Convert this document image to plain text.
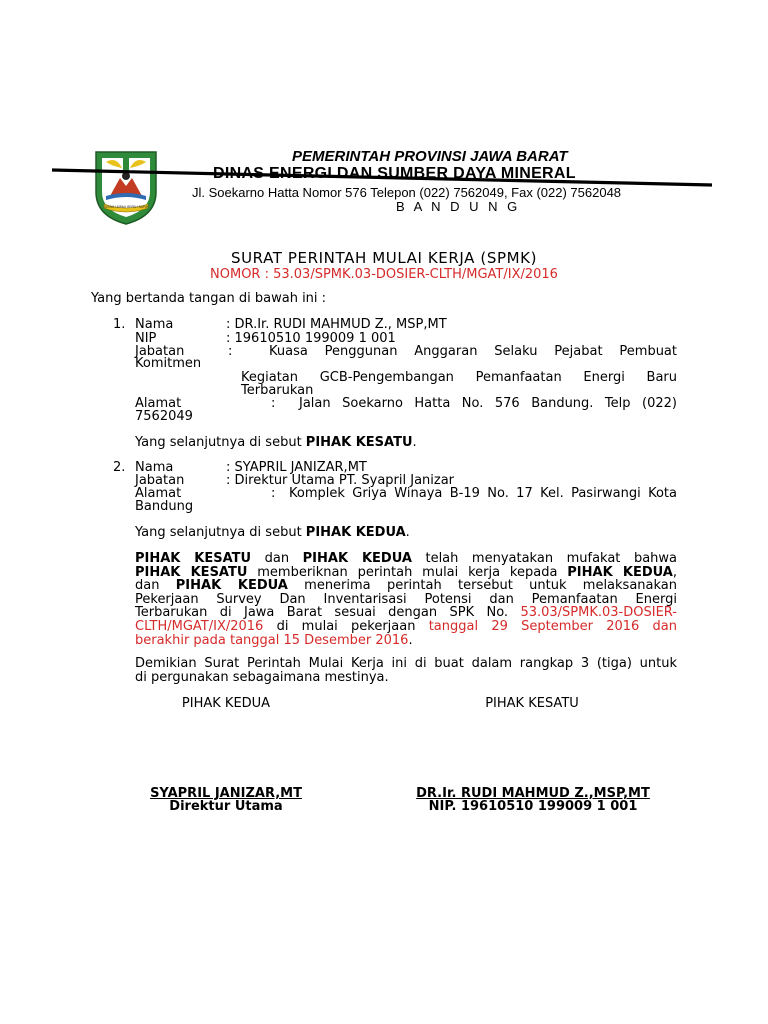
GEMAH RIPAH REPEH RAPIH
PEMERINTAH PROVINSI JAWA BARAT
DINAS ENERGI DAN SUMBER DAYA MINERAL
Jl. Soekarno Hatta Nomor 576 Telepon (022) 7562049, Fax (022) 7562048
B A N D U N G
SURAT PERINTAH MULAI KERJA (SPMK)
NOMOR : 53.03/SPMK.03-DOSIER-CLTH/MGAT/IX/2016
Yang bertanda tangan di bawah ini :
1. Nama	: DR.Ir. RUDI MAHMUD Z., MSP,MT
NIP	: 19610510 199009 1 001
Jabatan	:	Kuasa Penggunan Anggaran Selaku Pejabat Pembuat
Komitmen
Kegiatan GCB-Pengembangan Pemanfaatan Energi Baru
Terbarukan
Alamat	: Jalan Soekarno Hatta No. 576 Bandung. Telp (022)
7562049
Yang selanjutnya di sebut PIHAK KESATU.
2. Nama	: SYAPRIL JANIZAR,MT
Jabatan	: Direktur Utama PT. Syapril Janizar
Alamat	: Komplek Griya Winaya B-19 No. 17 Kel. Pasirwangi Kota
Bandung
Yang selanjutnya di sebut PIHAK KEDUA.
PIHAK KESATU dan PIHAK KEDUA telah menyatakan mufakat bahwa
PIHAK KESATU memberiknan perintah mulai kerja kepada PIHAK KEDUA,
dan PIHAK KEDUA menerima perintah tersebut untuk melaksanakan
Pekerjaan Survey Dan Inventarisasi Potensi dan Pemanfaatan Energi
Terbarukan di Jawa Barat sesuai dengan SPK No. 53.03/SPMK.03-DOSIER-
CLTH/MGAT/IX/2016 di mulai pekerjaan tanggal 29 September 2016 dan
berakhir pada tanggal 15 Desember 2016.
Demikian Surat Perintah Mulai Kerja ini di buat dalam rangkap 3 (tiga) untuk
di pergunakan sebagaimana mestinya.
PIHAK KEDUA	PIHAK KESATU
SYAPRIL JANIZAR,MT
Direktur Utama
DR.Ir. RUDI MAHMUD Z.,MSP,MT
NIP. 19610510 199009 1 001
